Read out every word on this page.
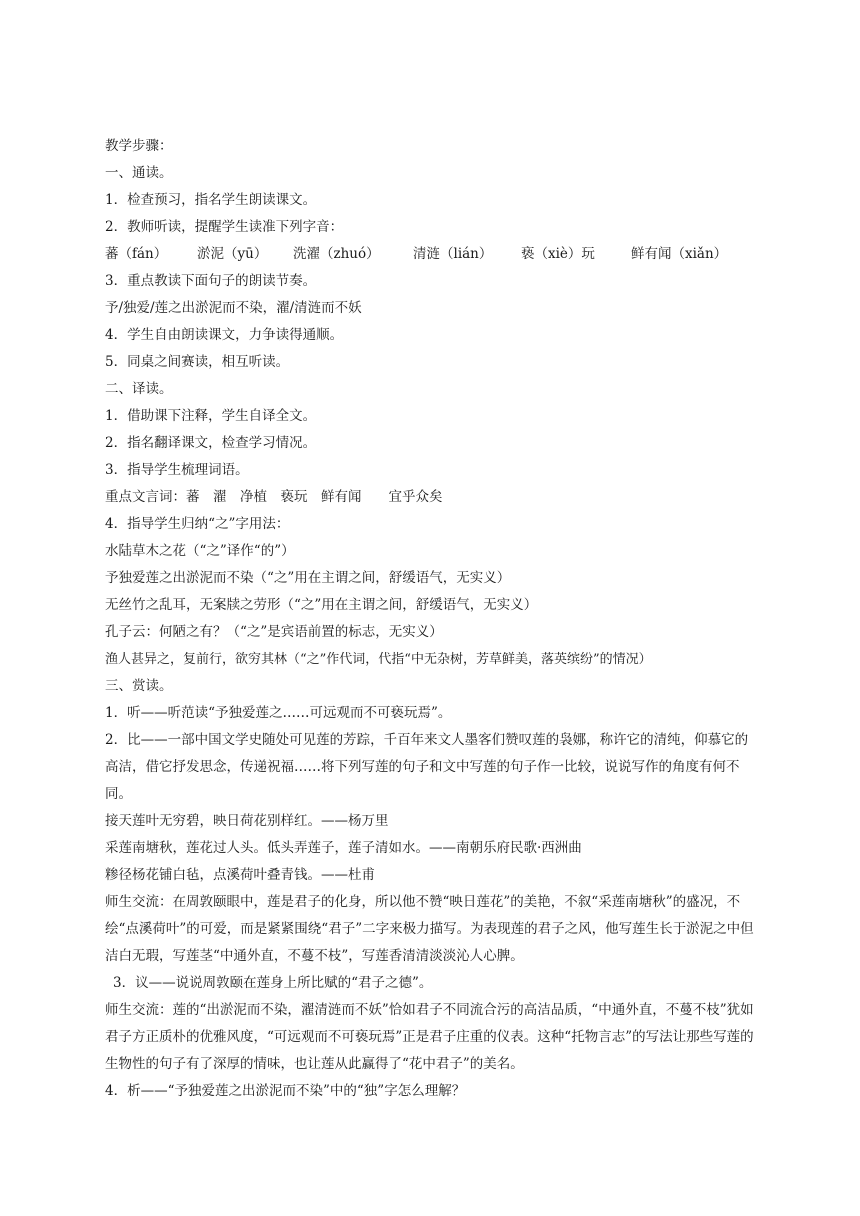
教学步骤：
一、通读。
1．检查预习，指名学生朗读课文。
2．教师听读，提醒学生读准下列字音：
蕃（fán）	淤泥（yū）	洗濯（zhuó）	清涟（lián）	亵（xiè）玩	鲜有闻（xiǎn）
3．重点教读下面句子的朗读节奏。
予/独爱/莲之出淤泥而不染，濯/清涟而不妖
4．学生自由朗读课文，力争读得通顺。
5．同桌之间赛读，相互听读。
二、译读。
1．借助课下注释，学生自译全文。
2．指名翻译课文，检查学习情况。
3．指导学生梳理词语。
重点文言词：蕃　濯　净植　亵玩　鲜有闻　　宜乎众矣
4．指导学生归纳“之”字用法：
水陆草木之花（“之”译作“的”）
予独爱莲之出淤泥而不染（“之”用在主谓之间，舒缓语气，无实义）
无丝竹之乱耳，无案牍之劳形（“之”用在主谓之间，舒缓语气，无实义）
孔子云：何陋之有？（“之”是宾语前置的标志，无实义）
渔人甚异之，复前行，欲穷其林（“之”作代词，代指“中无杂树，芳草鲜美，落英缤纷”的情况）
三、赏读。
1．听——听范读“予独爱莲之……可远观而不可亵玩焉”。
2．比——一部中国文学史随处可见莲的芳踪，千百年来文人墨客们赞叹莲的袅娜，称许它的清纯，仰慕它的高洁，借它抒发思念，传递祝福……将下列写莲的句子和文中写莲的句子作一比较，说说写作的角度有何不同。
接天莲叶无穷碧，映日荷花别样红。——杨万里
采莲南塘秋，莲花过人头。低头弄莲子，莲子清如水。——南朝乐府民歌·西洲曲
糁径杨花铺白毡，点溪荷叶叠青钱。——杜甫
师生交流：在周敦颐眼中，莲是君子的化身，所以他不赞“映日莲花”的美艳，不叙“采莲南塘秋”的盛况，不绘“点溪荷叶”的可爱，而是紧紧围绕“君子”二字来极力描写。为表现莲的君子之风，他写莲生长于淤泥之中但洁白无瑕，写莲茎“中通外直，不蔓不枝”，写莲香清清淡淡沁人心脾。
3．议——说说周敦颐在莲身上所比赋的“君子之德”。
师生交流：莲的“出淤泥而不染，濯清涟而不妖”恰如君子不同流合污的高洁品质，“中通外直，不蔓不枝”犹如君子方正质朴的优雅风度，“可远观而不可亵玩焉”正是君子庄重的仪表。这种“托物言志”的写法让那些写莲的生物性的句子有了深厚的情味，也让莲从此赢得了“花中君子”的美名。
4．析——“予独爱莲之出淤泥而不染”中的“独”字怎么理解？
